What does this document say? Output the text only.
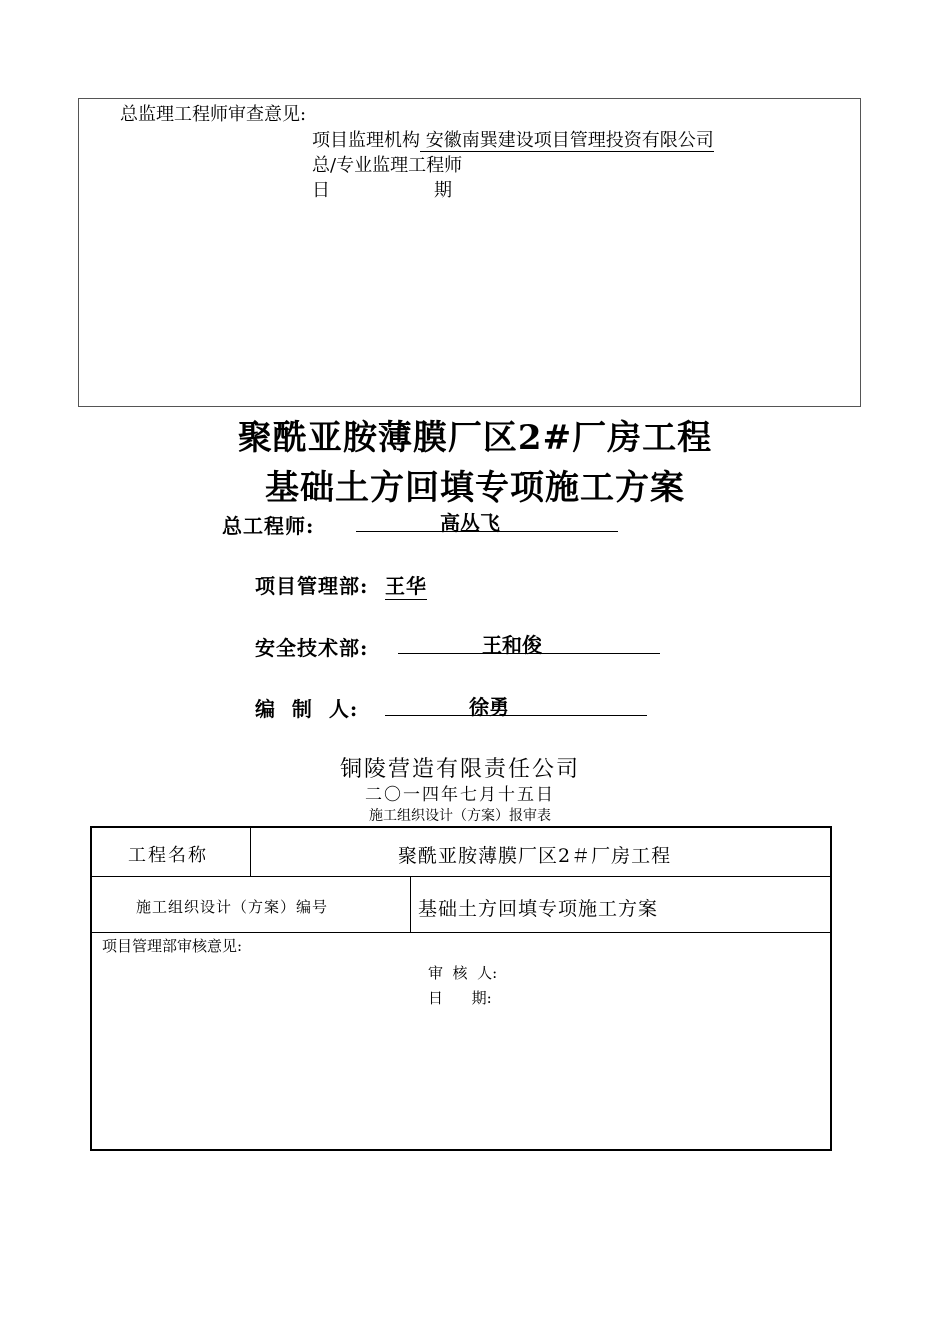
总监理工程师审查意见:
项目监理机构 安徽南巽建设项目管理投资有限公司
总/专业监理工程师
日	期
聚酰亚胺薄膜厂区2#厂房工程
基础土方回填专项施工方案
总工程师:	高丛飞
项目管理部: 王华
安全技术部:	王和俊
编  制  人:	徐勇
铜陵营造有限责任公司
二〇一四年七月十五日
施工组织设计（方案）报审表
工程名称	聚酰亚胺薄膜厂区2＃厂房工程
施工组织设计（方案）编号	基础土方回填专项施工方案
项目管理部审核意见:
审  核  人:
日      期:
